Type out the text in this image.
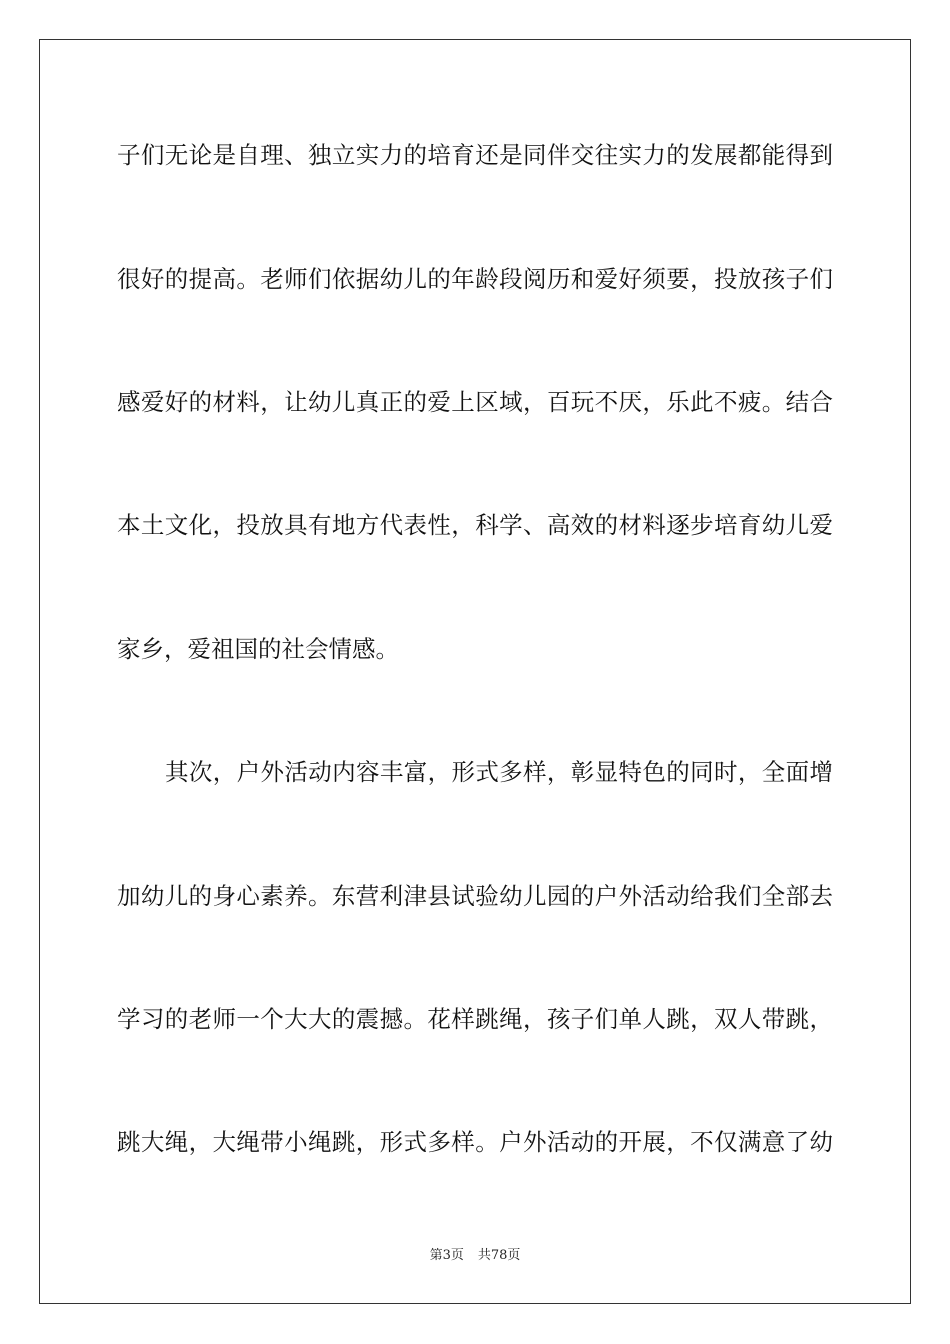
子们无论是自理、独立实力的培育还是同伴交往实力的发展都能得到
很好的提高。老师们依据幼儿的年龄段阅历和爱好须要，投放孩子们
感爱好的材料，让幼儿真正的爱上区域，百玩不厌，乐此不疲。结合
本土文化，投放具有地方代表性，科学、高效的材料逐步培育幼儿爱
家乡，爱祖国的社会情感。
其次，户外活动内容丰富，形式多样，彰显特色的同时，全面增
加幼儿的身心素养。东营利津县试验幼儿园的户外活动给我们全部去
学习的老师一个大大的震撼。花样跳绳，孩子们单人跳，双人带跳，
跳大绳，大绳带小绳跳，形式多样。户外活动的开展，不仅满意了幼
第3页 共78页
